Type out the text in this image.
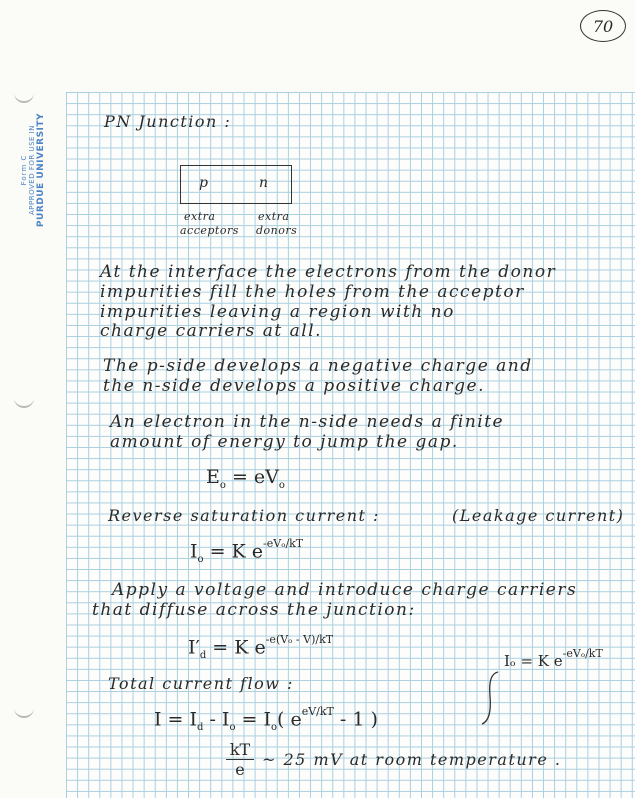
70
Form C APPROVED FOR USE IN PURDUE UNIVERSITY	PN Junction :
p	n
extra
acceptors
extra
donors
At the interface the electrons from the donor
impurities fill the holes from the acceptor
impurities leaving a region with no
charge carriers at all.
The p-side develops a negative charge and
the n-side develops a positive charge.
An electron in the n-side needs a finite
amount of energy to jump the gap.
$E_o = eV_o$
Reverse saturation current :	(Leakage current)
$I_o = K$ $e^{-eV_o/kT}$
Apply a voltage and introduce charge carriers
that diffuse across the junction:
$I'_d = K$ $e^{-e(V_o - V)/kT}$
Iₒ = K $e^{-eV_o/kT}$
Total current flow :
$I = I_d - I_o = I_o$( $e^{eV/kT} - 1$ )
$\frac{kT}{e}$ ~ 25 mV at room temperature .
